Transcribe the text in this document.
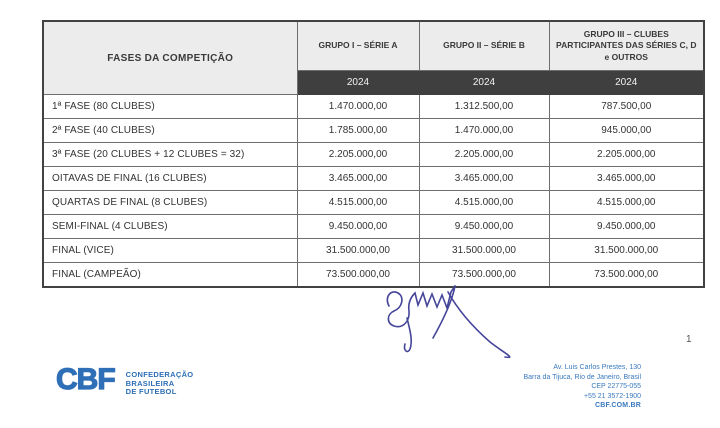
FASES DA COMPETIÇÃO	GRUPO I – SÉRIE A	GRUPO II – SÉRIE B	GRUPO III – CLUBES PARTICIPANTES DAS SÉRIES C, D e OUTROS
	2024	2024	2024
1ª FASE (80 CLUBES)	1.470.000,00	1.312.500,00	787.500,00
2ª FASE (40 CLUBES)	1.785.000,00	1.470.000,00	945.000,00
3ª FASE (20 CLUBES + 12 CLUBES = 32)	2.205.000,00	2.205.000,00	2.205.000,00
OITAVAS DE FINAL (16 CLUBES)	3.465.000,00	3.465.000,00	3.465.000,00
QUARTAS DE FINAL (8 CLUBES)	4.515.000,00	4.515.000,00	4.515.000,00
SEMI-FINAL (4 CLUBES)	9.450.000,00	9.450.000,00	9.450.000,00
FINAL (VICE)	31.500.000,00	31.500.000,00	31.500.000,00
FINAL (CAMPEÃO)	73.500.000,00	73.500.000,00	73.500.000,00
1
CBF CONFEDERAÇÃO
BRASILEIRA
DE FUTEBOL
Av. Luis Carlos Prestes, 130
Barra da Tijuca, Rio de Janeiro, Brasil
CEP 22775-055
+55 21 3572-1900
CBF.COM.BR
